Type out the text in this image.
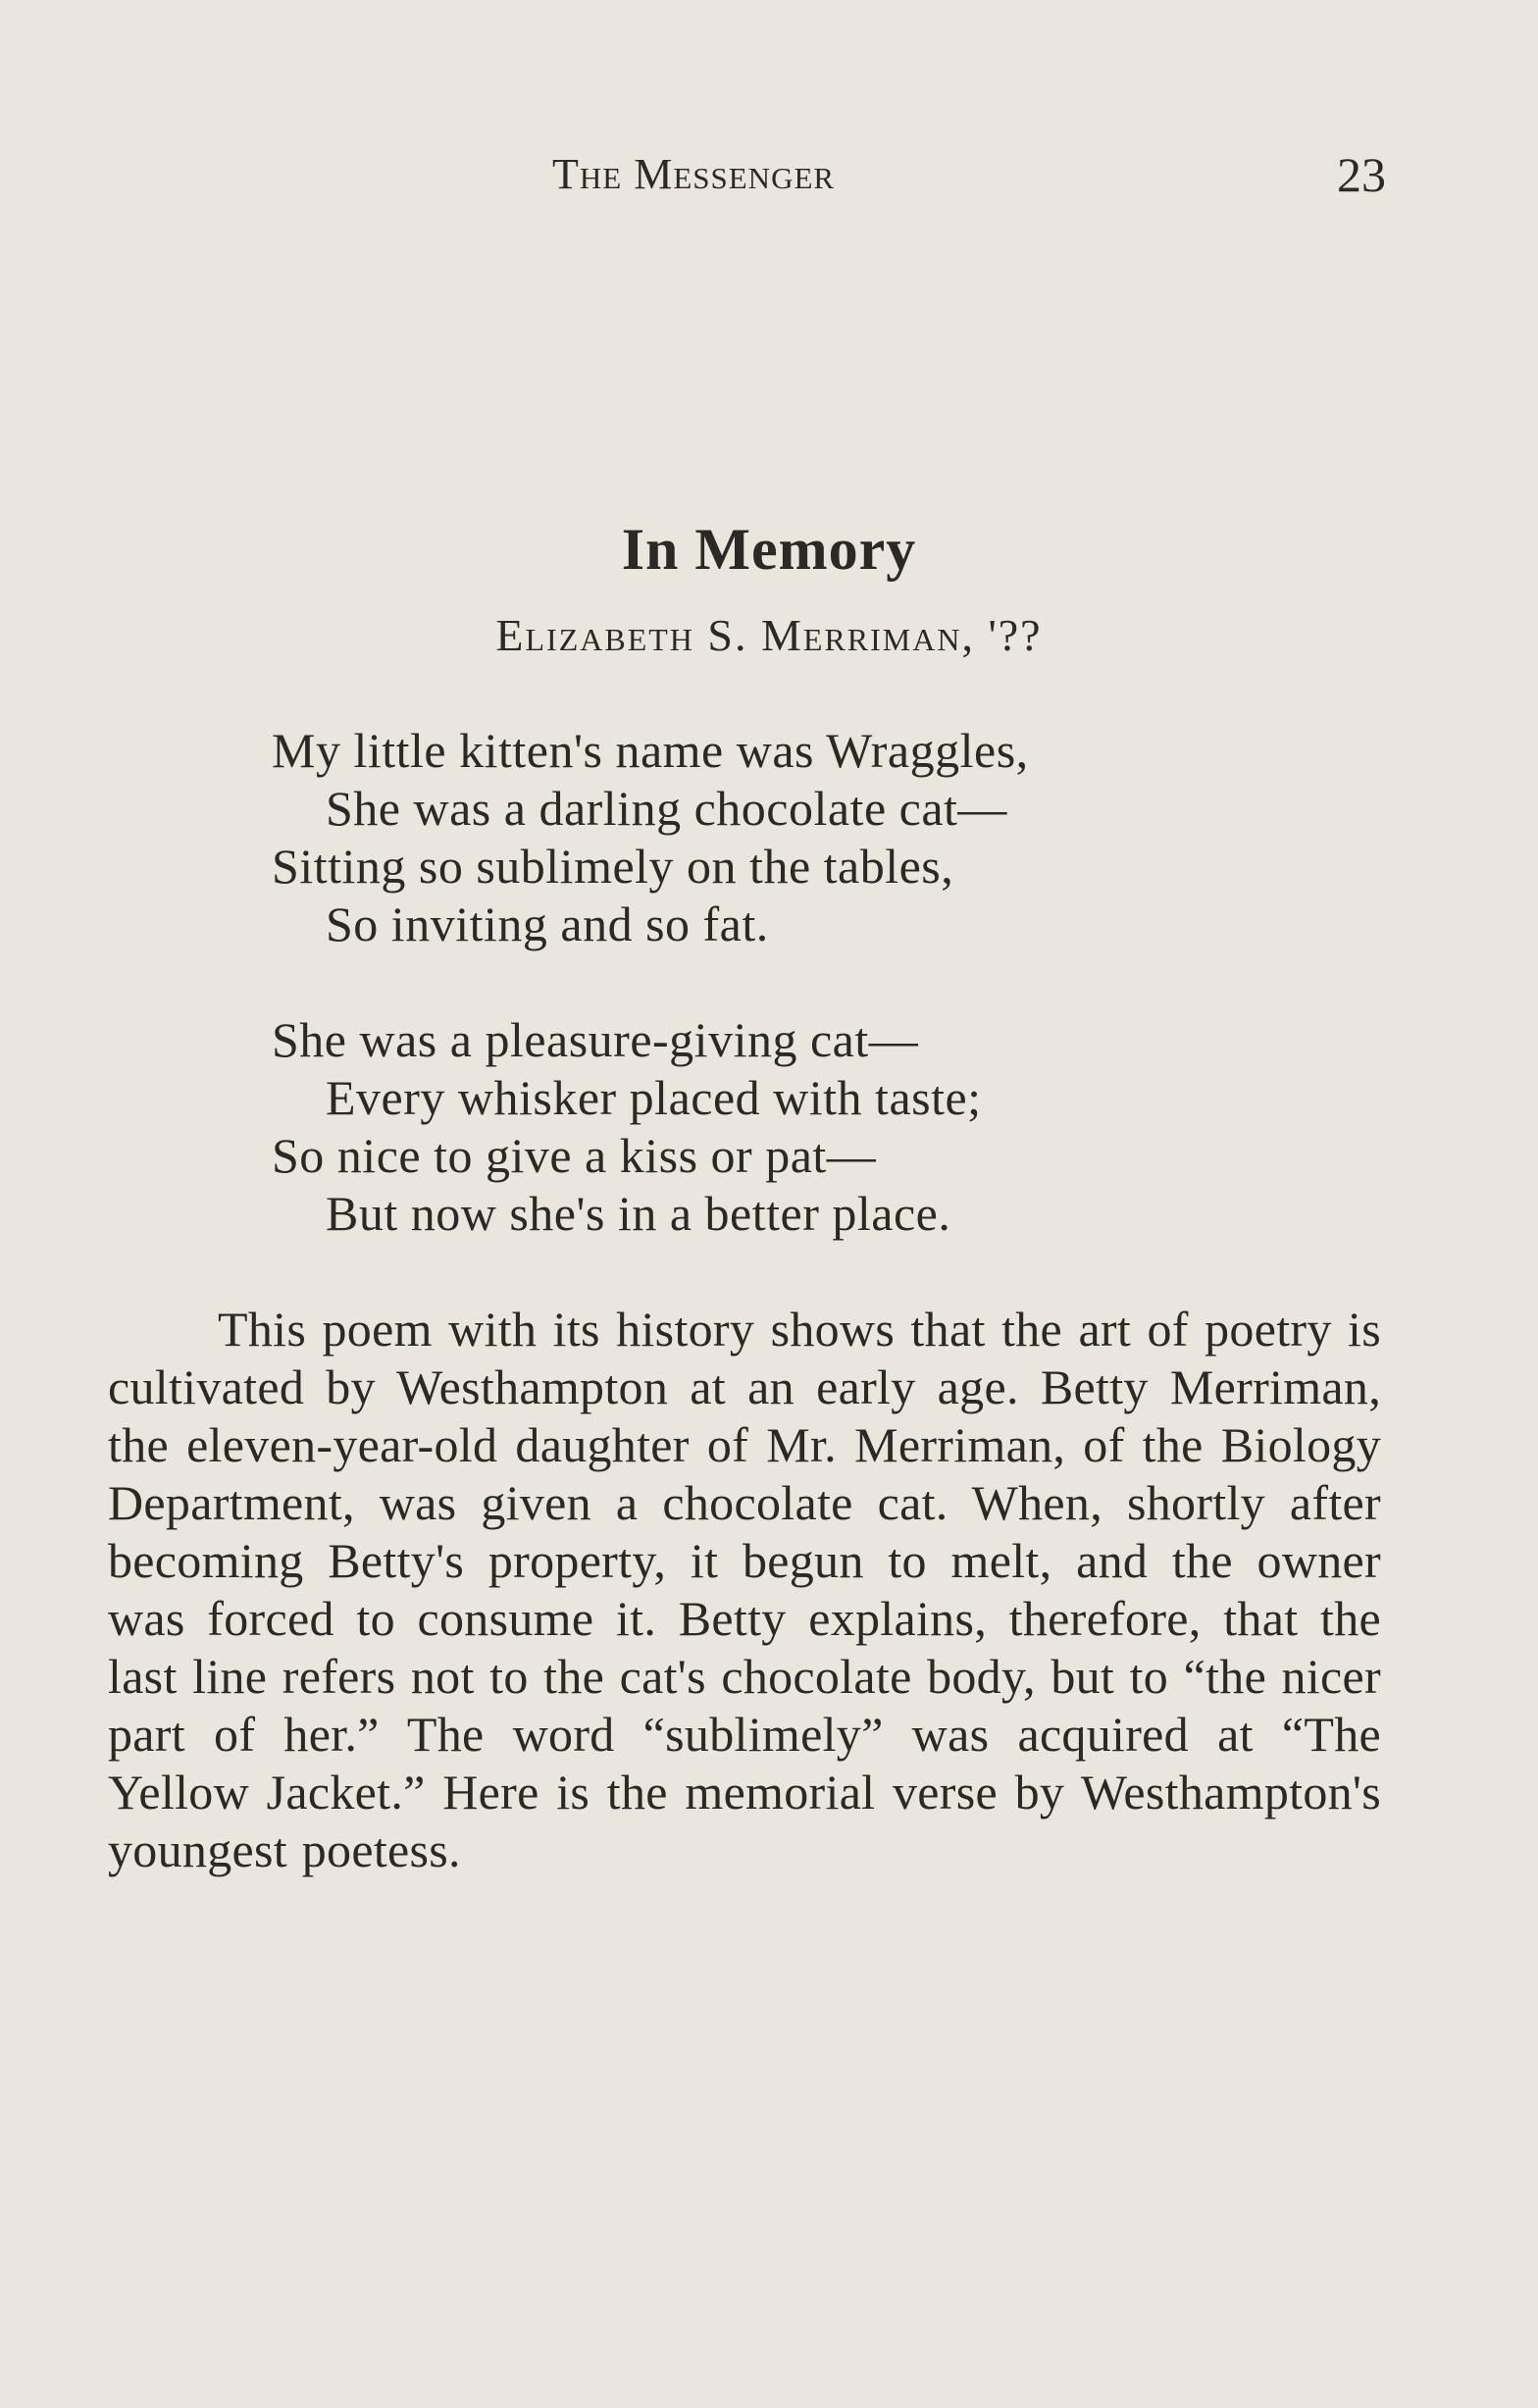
The Messenger	23
In Memory
Elizabeth S. Merriman, '??
My little kitten's name was Wraggles,
She was a darling chocolate cat—
Sitting so sublimely on the tables,
So inviting and so fat.
She was a pleasure-giving cat—
Every whisker placed with taste;
So nice to give a kiss or pat—
But now she's in a better place.

This poem with its history shows that the art of poetry is cultivated by Westhampton at an early age. Betty Merriman, the eleven-year-old daughter of Mr. Merriman, of the Biology Department, was given a chocolate cat. When, shortly after becoming Betty's property, it begun to melt, and the owner was forced to consume it. Betty explains, therefore, that the last line refers not to the cat's chocolate body, but to “the nicer part of her.” The word “sublimely” was acquired at “The Yellow Jacket.” Here is the memorial verse by Westhampton's youngest poetess.
